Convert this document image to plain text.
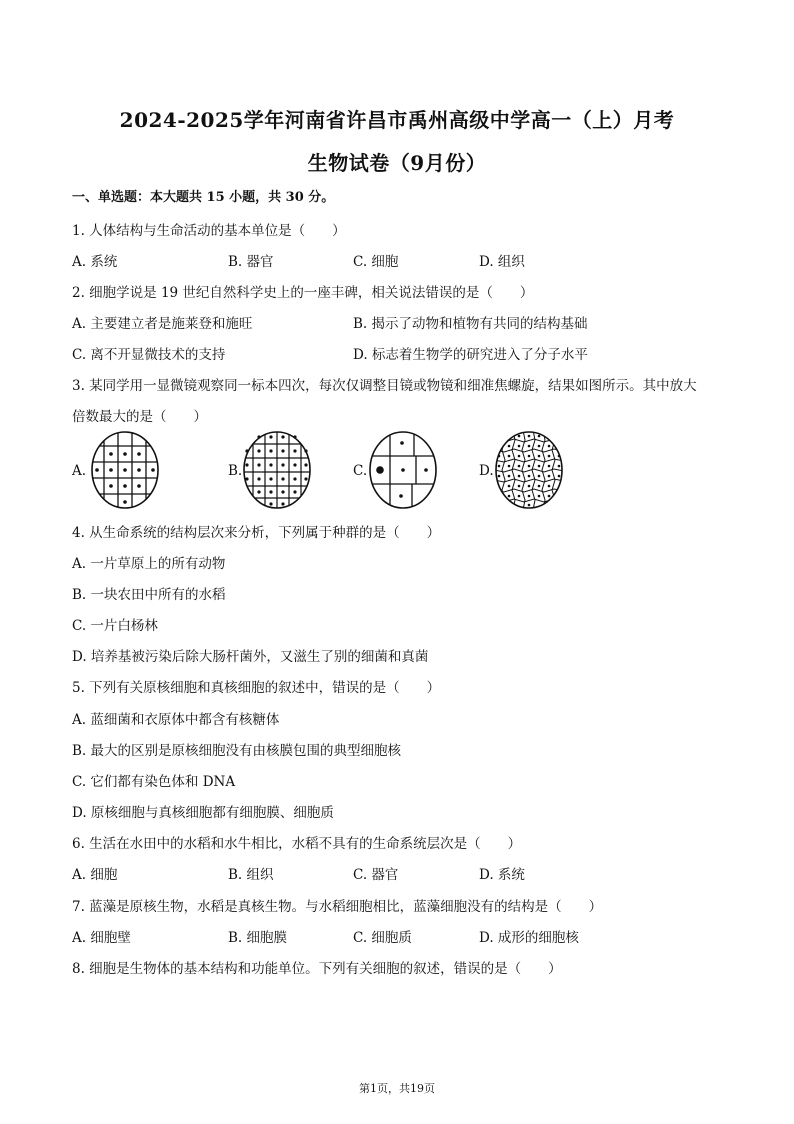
2024-2025学年河南省许昌市禹州高级中学高一（上）月考
生物试卷（9月份）
一、单选题：本大题共 15 小题，共 30 分。
1. 人体结构与生命活动的基本单位是（　　）
A. 系统	B. 器官	C. 细胞	D. 组织
2. 细胞学说是 19 世纪自然科学史上的一座丰碑，相关说法错误的是（　　）
A. 主要建立者是施莱登和施旺	B. 揭示了动物和植物有共同的结构基础
C. 离不开显微技术的支持	D. 标志着生物学的研究进入了分子水平
3. 某同学用一显微镜观察同一标本四次，每次仅调整目镜或物镜和细准焦螺旋，结果如图所示。其中放大
倍数最大的是（　　）
A.	B.	C.	D.
4. 从生命系统的结构层次来分析，下列属于种群的是（　　）
A. 一片草原上的所有动物
B. 一块农田中所有的水稻
C. 一片白杨林
D. 培养基被污染后除大肠杆菌外，又滋生了别的细菌和真菌
5. 下列有关原核细胞和真核细胞的叙述中，错误的是（　　）
A. 蓝细菌和衣原体中都含有核糖体
B. 最大的区别是原核细胞没有由核膜包围的典型细胞核
C. 它们都有染色体和 DNA
D. 原核细胞与真核细胞都有细胞膜、细胞质
6. 生活在水田中的水稻和水牛相比，水稻不具有的生命系统层次是（　　）
A. 细胞	B. 组织	C. 器官	D. 系统
7. 蓝藻是原核生物，水稻是真核生物。与水稻细胞相比，蓝藻细胞没有的结构是（　　）
A. 细胞壁	B. 细胞膜	C. 细胞质	D. 成形的细胞核
8. 细胞是生物体的基本结构和功能单位。下列有关细胞的叙述，错误的是（　　）
第1页，共19页
